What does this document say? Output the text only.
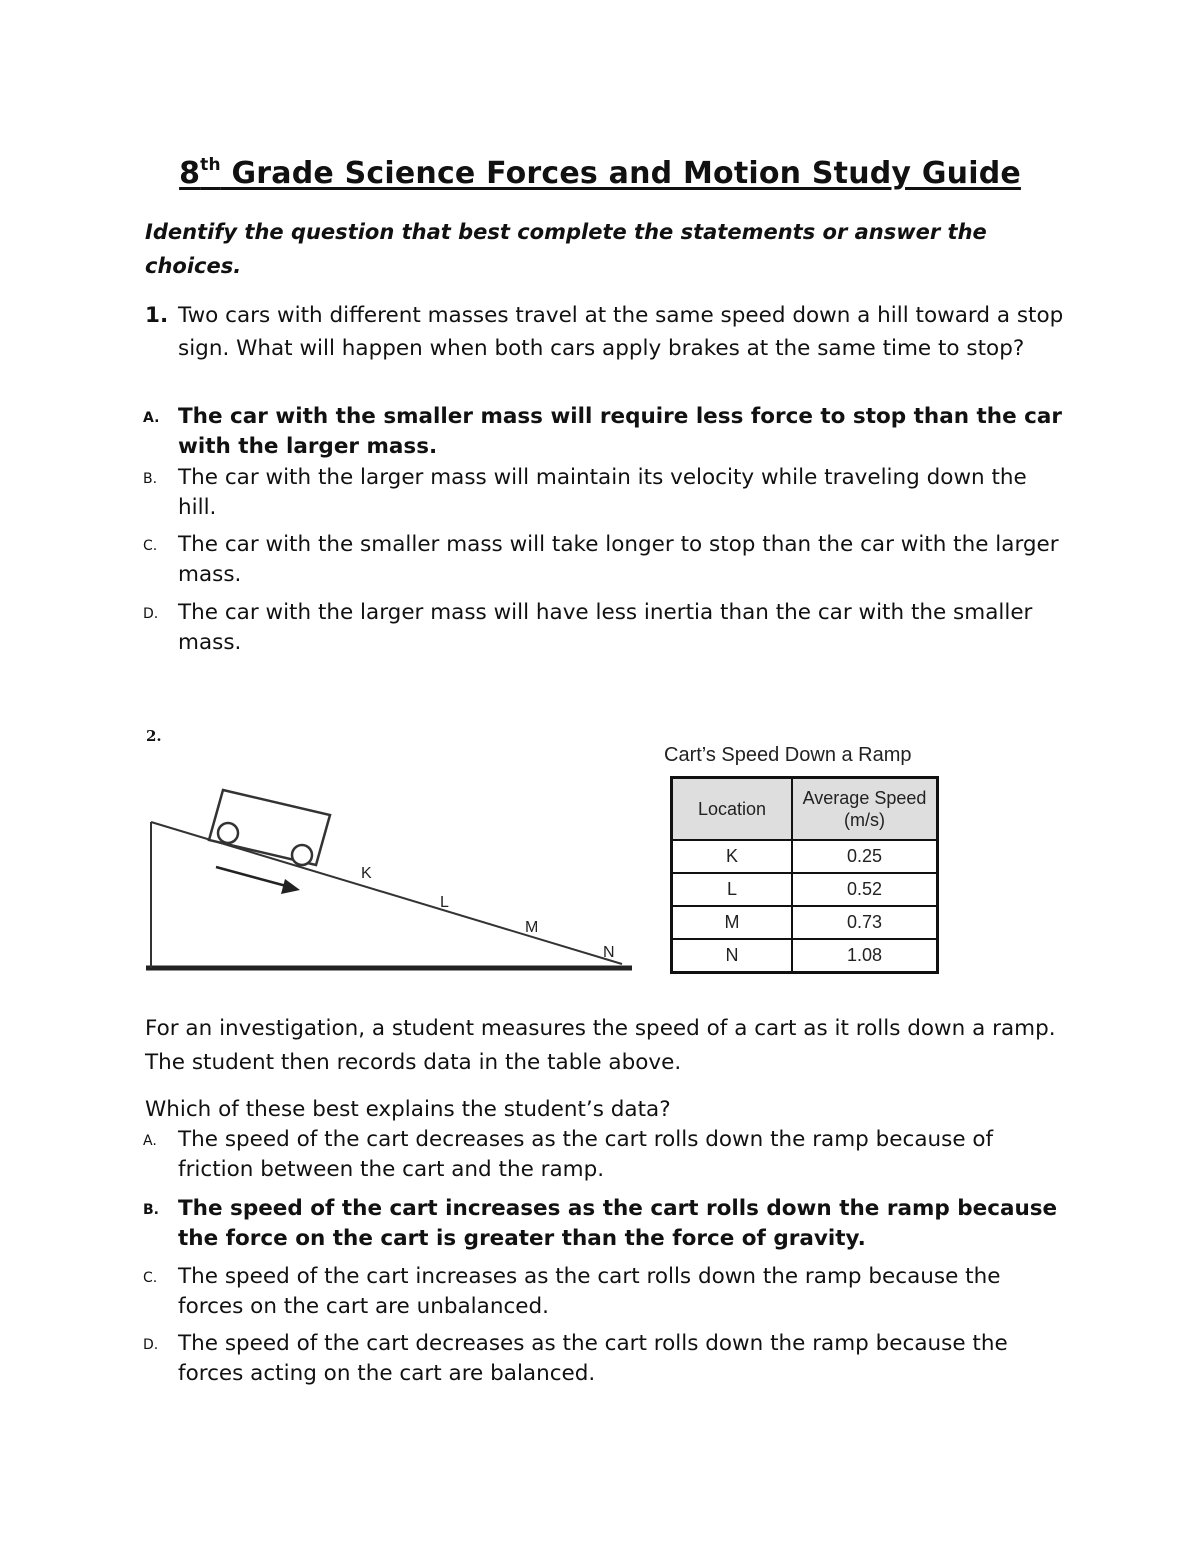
8th Grade Science Forces and Motion Study Guide
Identify the question that best complete the statements or answer the choices.
1. Two cars with different masses travel at the same speed down a hill toward a stop sign. What will happen when both cars apply brakes at the same time to stop?
A. The car with the smaller mass will require less force to stop than the car with the larger mass.
B. The car with the larger mass will maintain its velocity while traveling down the hill.
C. The car with the smaller mass will take longer to stop than the car with the larger mass.
D. The car with the larger mass will have less inertia than the car with the smaller mass.
2.
K
L
M
N
Cart’s Speed Down a Ramp
Location	Average Speed (m/s)
K	0.25
L	0.52
M	0.73
N	1.08
For an investigation, a student measures the speed of a cart as it rolls down a ramp. The student then records data in the table above.
Which of these best explains the student’s data?
A. The speed of the cart decreases as the cart rolls down the ramp because of friction between the cart and the ramp.
B. The speed of the cart increases as the cart rolls down the ramp because the force on the cart is greater than the force of gravity.
C. The speed of the cart increases as the cart rolls down the ramp because the forces on the cart are unbalanced.
D. The speed of the cart decreases as the cart rolls down the ramp because the forces acting on the cart are balanced.
